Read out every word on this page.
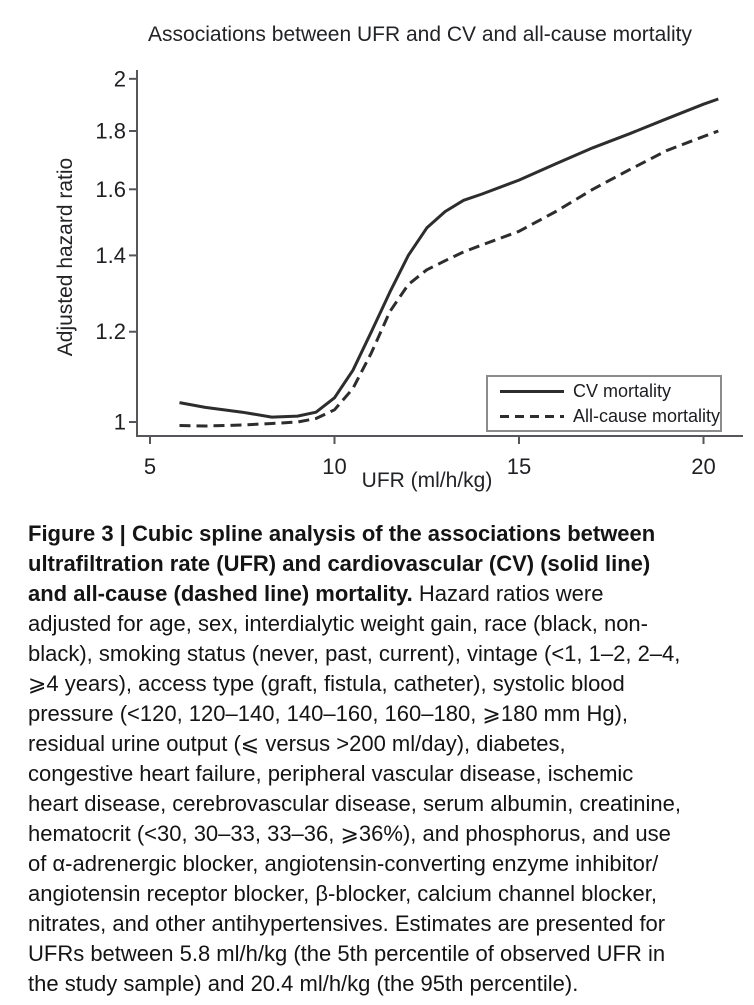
1
1.2
1.4
1.6
1.8
2
5	10	15	20
Associations between UFR and CV and all-cause mortality
Adjusted hazard ratio
UFR (ml/h/kg)
CV mortality
All-cause mortality
Figure 3 | Cubic spline analysis of the associations between
ultrafiltration rate (UFR) and cardiovascular (CV) (solid line)
and all-cause (dashed line) mortality. Hazard ratios were
adjusted for age, sex, interdialytic weight gain, race (black, non-
black), smoking status (never, past, current), vintage (<1, 1–2, 2–4,
⩾4 years), access type (graft, fistula, catheter), systolic blood
pressure (<120, 120–140, 140–160, 160–180, ⩾180 mm Hg),
residual urine output (⩽ versus >200 ml/day), diabetes,
congestive heart failure, peripheral vascular disease, ischemic
heart disease, cerebrovascular disease, serum albumin, creatinine,
hematocrit (<30, 30–33, 33–36, ⩾36%), and phosphorus, and use
of α-adrenergic blocker, angiotensin-converting enzyme inhibitor/
angiotensin receptor blocker, β-blocker, calcium channel blocker,
nitrates, and other antihypertensives. Estimates are presented for
UFRs between 5.8 ml/h/kg (the 5th percentile of observed UFR in
the study sample) and 20.4 ml/h/kg (the 95th percentile).
